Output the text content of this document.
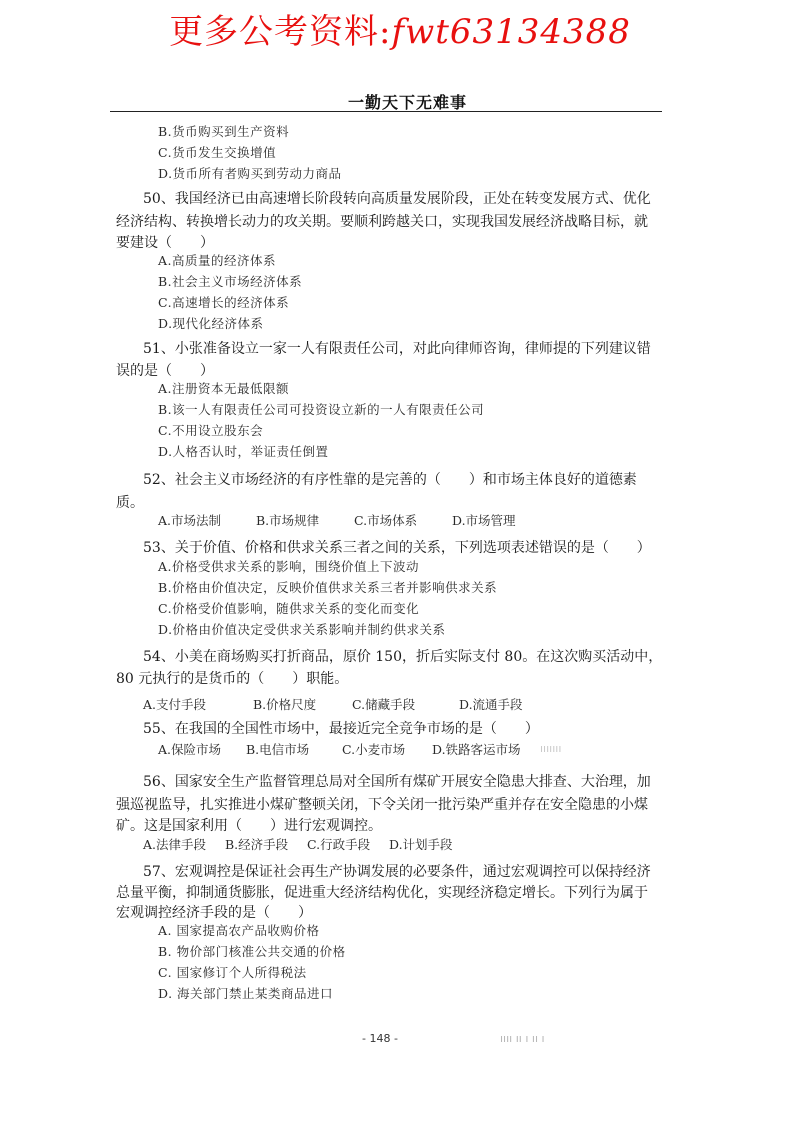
更多公考资料:fwt63134388
一勤天下无难事
B.货币购买到生产资料
C.货币发生交换增值
D.货币所有者购买到劳动力商品
50、我国经济已由高速增长阶段转向高质量发展阶段，正处在转变发展方式、优化
经济结构、转换增长动力的攻关期。要顺利跨越关口，实现我国发展经济战略目标，就
要建设（　　）
A.高质量的经济体系
B.社会主义市场经济体系
C.高速增长的经济体系
D.现代化经济体系
51、小张准备设立一家一人有限责任公司，对此向律师咨询，律师提的下列建议错
误的是（　　）
A.注册资本无最低限额
B.该一人有限责任公司可投资设立新的一人有限责任公司
C.不用设立股东会
D.人格否认时，举证责任倒置
52、社会主义市场经济的有序性靠的是完善的（　　）和市场主体良好的道德素
质。
A.市场法制	B.市场规律	C.市场体系	D.市场管理
53、关于价值、价格和供求关系三者之间的关系，下列选项表述错误的是（　　）
A.价格受供求关系的影响，围绕价值上下波动
B.价格由价值决定，反映价值供求关系三者并影响供求关系
C.价格受价值影响，随供求关系的变化而变化
D.价格由价值决定受供求关系影响并制约供求关系
54、小美在商场购买打折商品，原价 150，折后实际支付 80。在这次购买活动中，
80 元执行的是货币的（　　）职能。
A.支付手段	B.价格尺度	C.储藏手段	D.流通手段
55、在我国的全国性市场中，最接近完全竞争市场的是（　　）
A.保险市场 B.电信市场	C.小麦市场 D.铁路客运市场 ııııııı
56、国家安全生产监督管理总局对全国所有煤矿开展安全隐患大排查、大治理，加
强巡视监导，扎实推进小煤矿整顿关闭，下令关闭一批污染严重并存在安全隐患的小煤
矿。这是国家利用（　　）进行宏观调控。
A.法律手段 B.经济手段 C.行政手段 D.计划手段
57、宏观调控是保证社会再生产协调发展的必要条件，通过宏观调控可以保持经济
总量平衡，抑制通货膨胀，促进重大经济结构优化，实现经济稳定增长。下列行为属于
宏观调控经济手段的是（　　）
A. 国家提高农产品收购价格
B. 物价部门核准公共交通的价格
C. 国家修订个人所得税法
D. 海关部门禁止某类商品进口
- 148 -	ıııı ıı ı ıı ı
